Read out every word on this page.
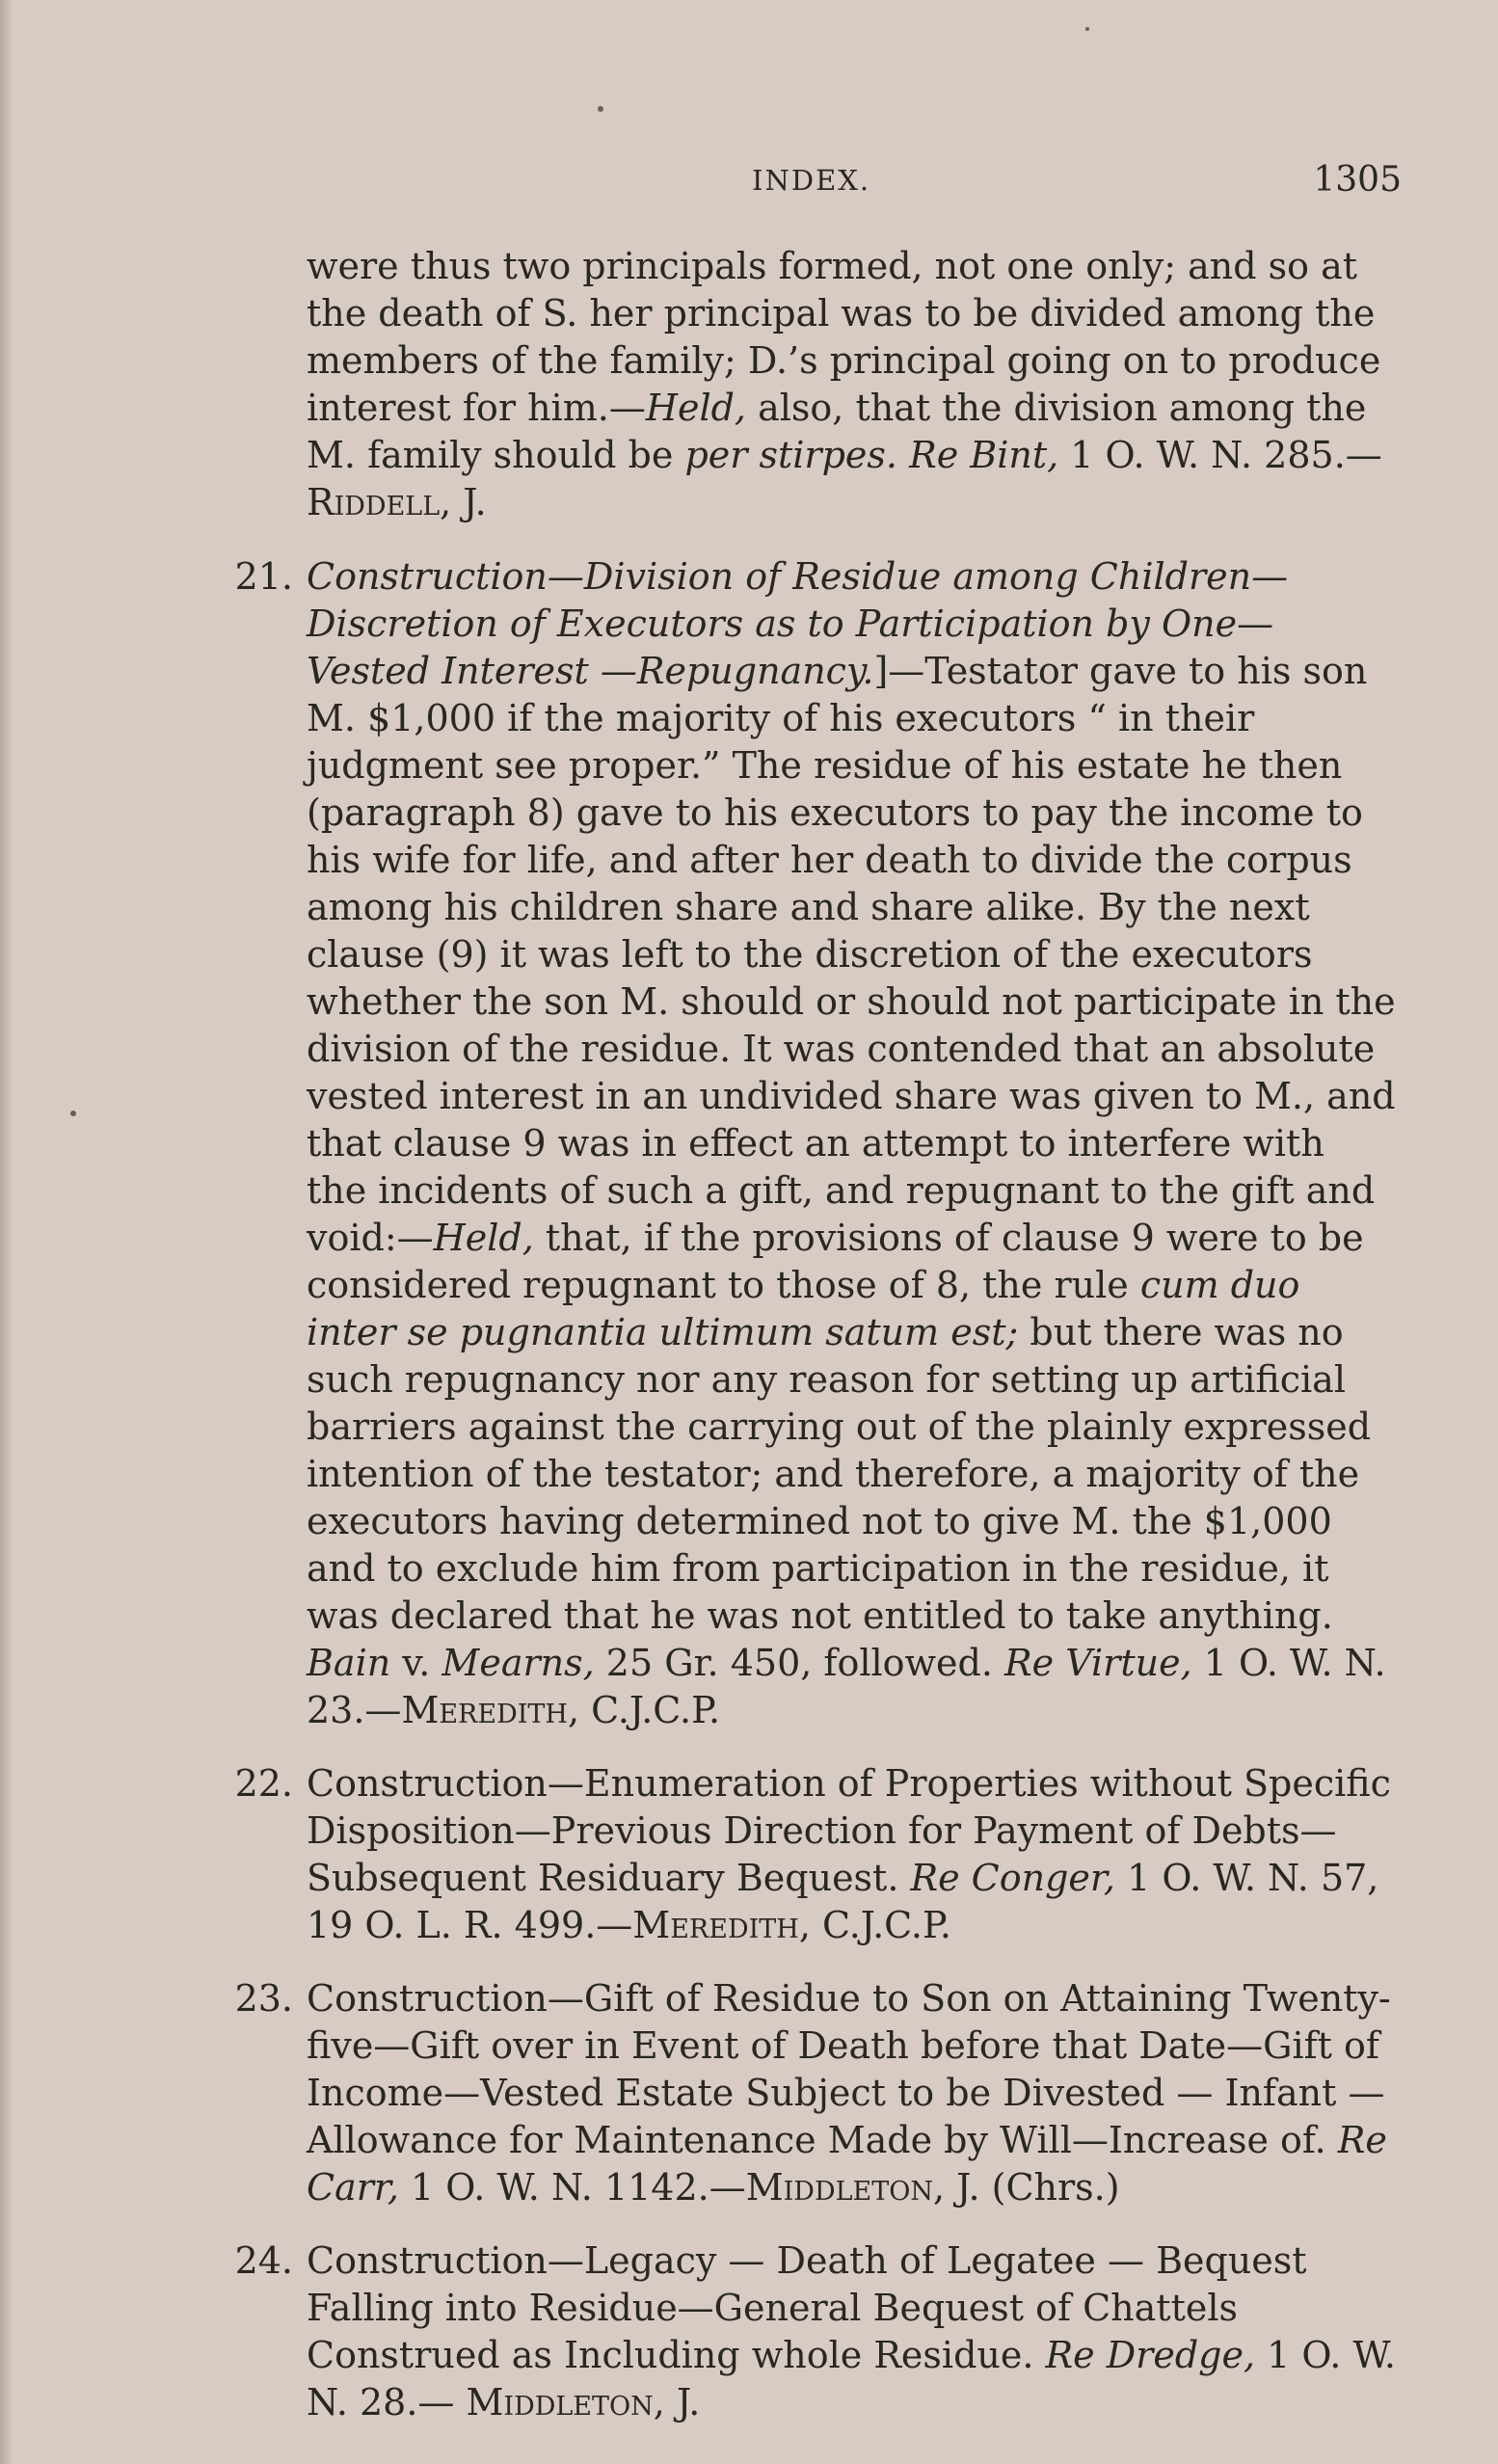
INDEX.	1305

were thus two principals formed, not one only; and so at the death of S. her principal was to be divided among the members of the family; D.’s principal going on to produce interest for him.—Held, also, that the division among the M. family should be per stirpes. Re Bint, 1 O. W. N. 285.—Riddell, J.

21. Construction—Division of Residue among Children—Discretion of Executors as to Participation by One—Vested Interest —Repugnancy.]—Testator gave to his son M. $1,000 if the majority of his executors “ in their judgment see proper.” The residue of his estate he then (paragraph 8) gave to his executors to pay the income to his wife for life, and after her death to divide the corpus among his children share and share alike. By the next clause (9) it was left to the discretion of the executors whether the son M. should or should not participate in the division of the residue. It was contended that an absolute vested interest in an undivided share was given to M., and that clause 9 was in effect an attempt to interfere with the incidents of such a gift, and repugnant to the gift and void:—Held, that, if the provisions of clause 9 were to be considered repugnant to those of 8, the rule cum duo inter se pugnantia ultimum satum est; but there was no such repugnancy nor any reason for setting up artificial barriers against the carrying out of the plainly expressed intention of the testator; and therefore, a majority of the executors having determined not to give M. the $1,000 and to exclude him from participation in the residue, it was declared that he was not entitled to take anything. Bain v. Mearns, 25 Gr. 450, followed. Re Virtue, 1 O. W. N. 23.—Meredith, C.J.C.P.
22. Construction—Enumeration of Properties without Specific Disposition—Previous Direction for Payment of Debts—Subsequent Residuary Bequest. Re Conger, 1 O. W. N. 57, 19 O. L. R. 499.—Meredith, C.J.C.P.
23. Construction—Gift of Residue to Son on Attaining Twenty-five—Gift over in Event of Death before that Date—Gift of Income—Vested Estate Subject to be Divested — Infant — Allowance for Maintenance Made by Will—Increase of. Re Carr, 1 O. W. N. 1142.—Middleton, J. (Chrs.)
24. Construction—Legacy — Death of Legatee — Bequest Falling into Residue—General Bequest of Chattels Construed as Including whole Residue. Re Dredge, 1 O. W. N. 28.— Middleton, J.
